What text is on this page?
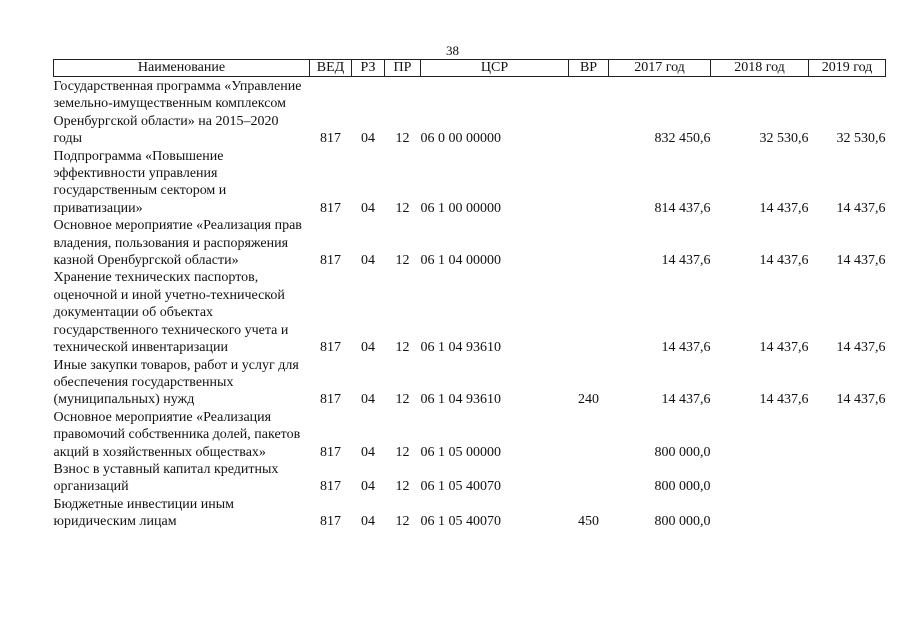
38
Наименование	ВЕД	РЗ	ПР	ЦСР	ВР	2017 год	2018 год	2019 год
Государственная программа «Управление земельно-имущественным комплексом Оренбургской области» на 2015–2020 годы	817	04	12	06 0 00 00000		832 450,6	32 530,6	32 530,6
Подпрограмма «Повышение эффективности управления государственным сектором и приватизации»	817	04	12	06 1 00 00000		814 437,6	14 437,6	14 437,6
Основное мероприятие «Реализация прав владения, пользования и распоряжения казной Оренбургской области»	817	04	12	06 1 04 00000		14 437,6	14 437,6	14 437,6
Хранение технических паспортов, оценочной и иной учетно-технической документации об объектах государственного технического учета и технической инвентаризации	817	04	12	06 1 04 93610		14 437,6	14 437,6	14 437,6
Иные закупки товаров, работ и услуг для обеспечения государственных (муниципальных) нужд	817	04	12	06 1 04 93610	240	14 437,6	14 437,6	14 437,6
Основное мероприятие «Реализация правомочий собственника долей, пакетов акций в хозяйственных обществах»	817	04	12	06 1 05 00000		800 000,0		
Взнос в уставный капитал кредитных организаций	817	04	12	06 1 05 40070		800 000,0		
Бюджетные инвестиции иным юридическим лицам	817	04	12	06 1 05 40070	450	800 000,0		
